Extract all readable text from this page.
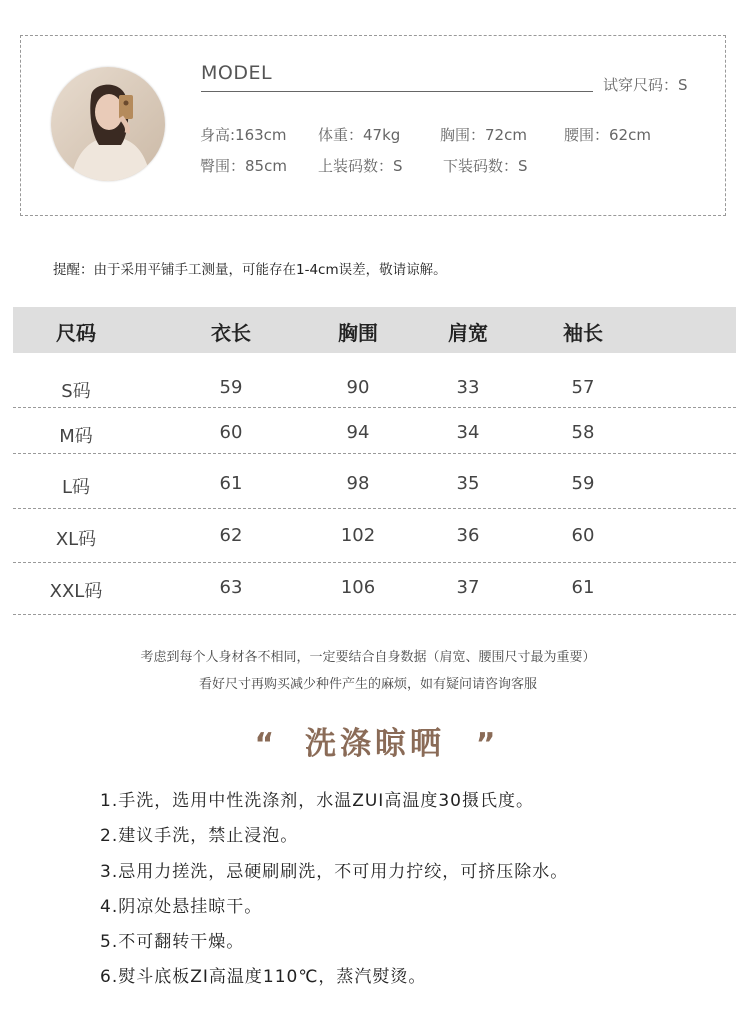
MODEL
试穿尺码：S
身高:163cm 体重：47kg	胸围：72cm 腰围：62cm
臀围：85cm 上装码数：S	下装码数：S
提醒：由于采用平铺手工测量，可能存在1-4cm误差，敬请谅解。
尺码	衣长	胸围	肩宽	袖长
S码	59	90	33	57
M码	60	94	34	58
L码	61	98	35	59
XL码	62	102	36	60
XXL码	63	106	37	61
考虑到每个人身材各不相同，一定要结合自身数据（肩宽、腰围尺寸最为重要）
看好尺寸再购买减少种件产生的麻烦，如有疑问请咨询客服
“ 洗涤晾晒 ”
1.手洗，选用中性洗涤剂，水温ZUI高温度30摄氏度。
2.建议手洗，禁止浸泡。
3.忌用力搓洗，忌硬刷刷洗，不可用力拧绞，可挤压除水。
4.阴凉处悬挂晾干。
5.不可翻转干燥。
6.熨斗底板ZI高温度110℃，蒸汽熨烫。
